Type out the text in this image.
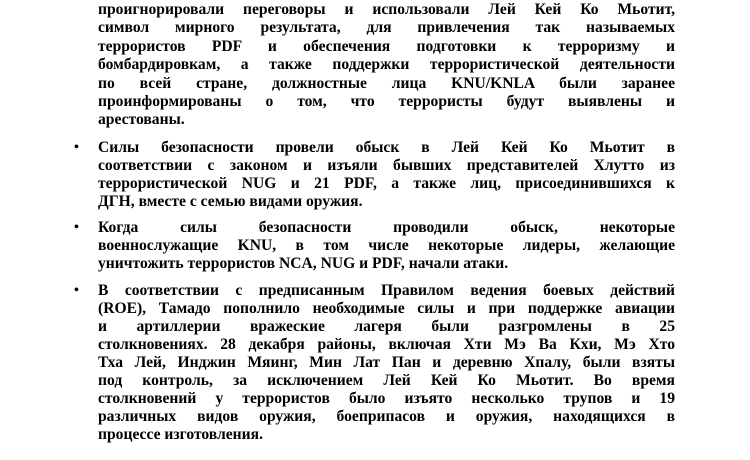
проигнорировали переговоры и использовали Лей Кей Ко Мьотит,
символ мирного результата, для привлечения так называемых
террористов PDF и обеспечения подготовки к терроризму и
бомбардировкам, а также поддержки террористической деятельности
по всей стране, должностные лица KNU/KNLA были заранее
проинформированы о том, что террористы будут выявлены и
арестованы.
•	Силы безопасности провели обыск в Лей Кей Ко Мьотит в
соответствии с законом и изъяли бывших представителей Хлутто из
террористической NUG и 21 PDF, а также лиц, присоединившихся к
ДГН, вместе с семью видами оружия.
•	Когда силы безопасности проводили обыск, некоторые
военнослужащие KNU, в том числе некоторые лидеры, желающие
уничтожить террористов NCA, NUG и PDF, начали атаки.
•	В соответствии с предписанным Правилом ведения боевых действий
(ROE), Тамадо пополнило необходимые силы и при поддержке авиации
и артиллерии вражеские лагеря были разгромлены в 25
столкновениях. 28 декабря районы, включая Хти Мэ Ва Кхи, Мэ Хто
Тха Лей, Инджин Мяинг, Мин Лат Пан и деревню Хпалу, были взяты
под контроль, за исключением Лей Кей Ко Мьотит. Во время
столкновений у террористов было изъято несколько трупов и 19
различных видов оружия, боеприпасов и оружия, находящихся в
процессе изготовления.
